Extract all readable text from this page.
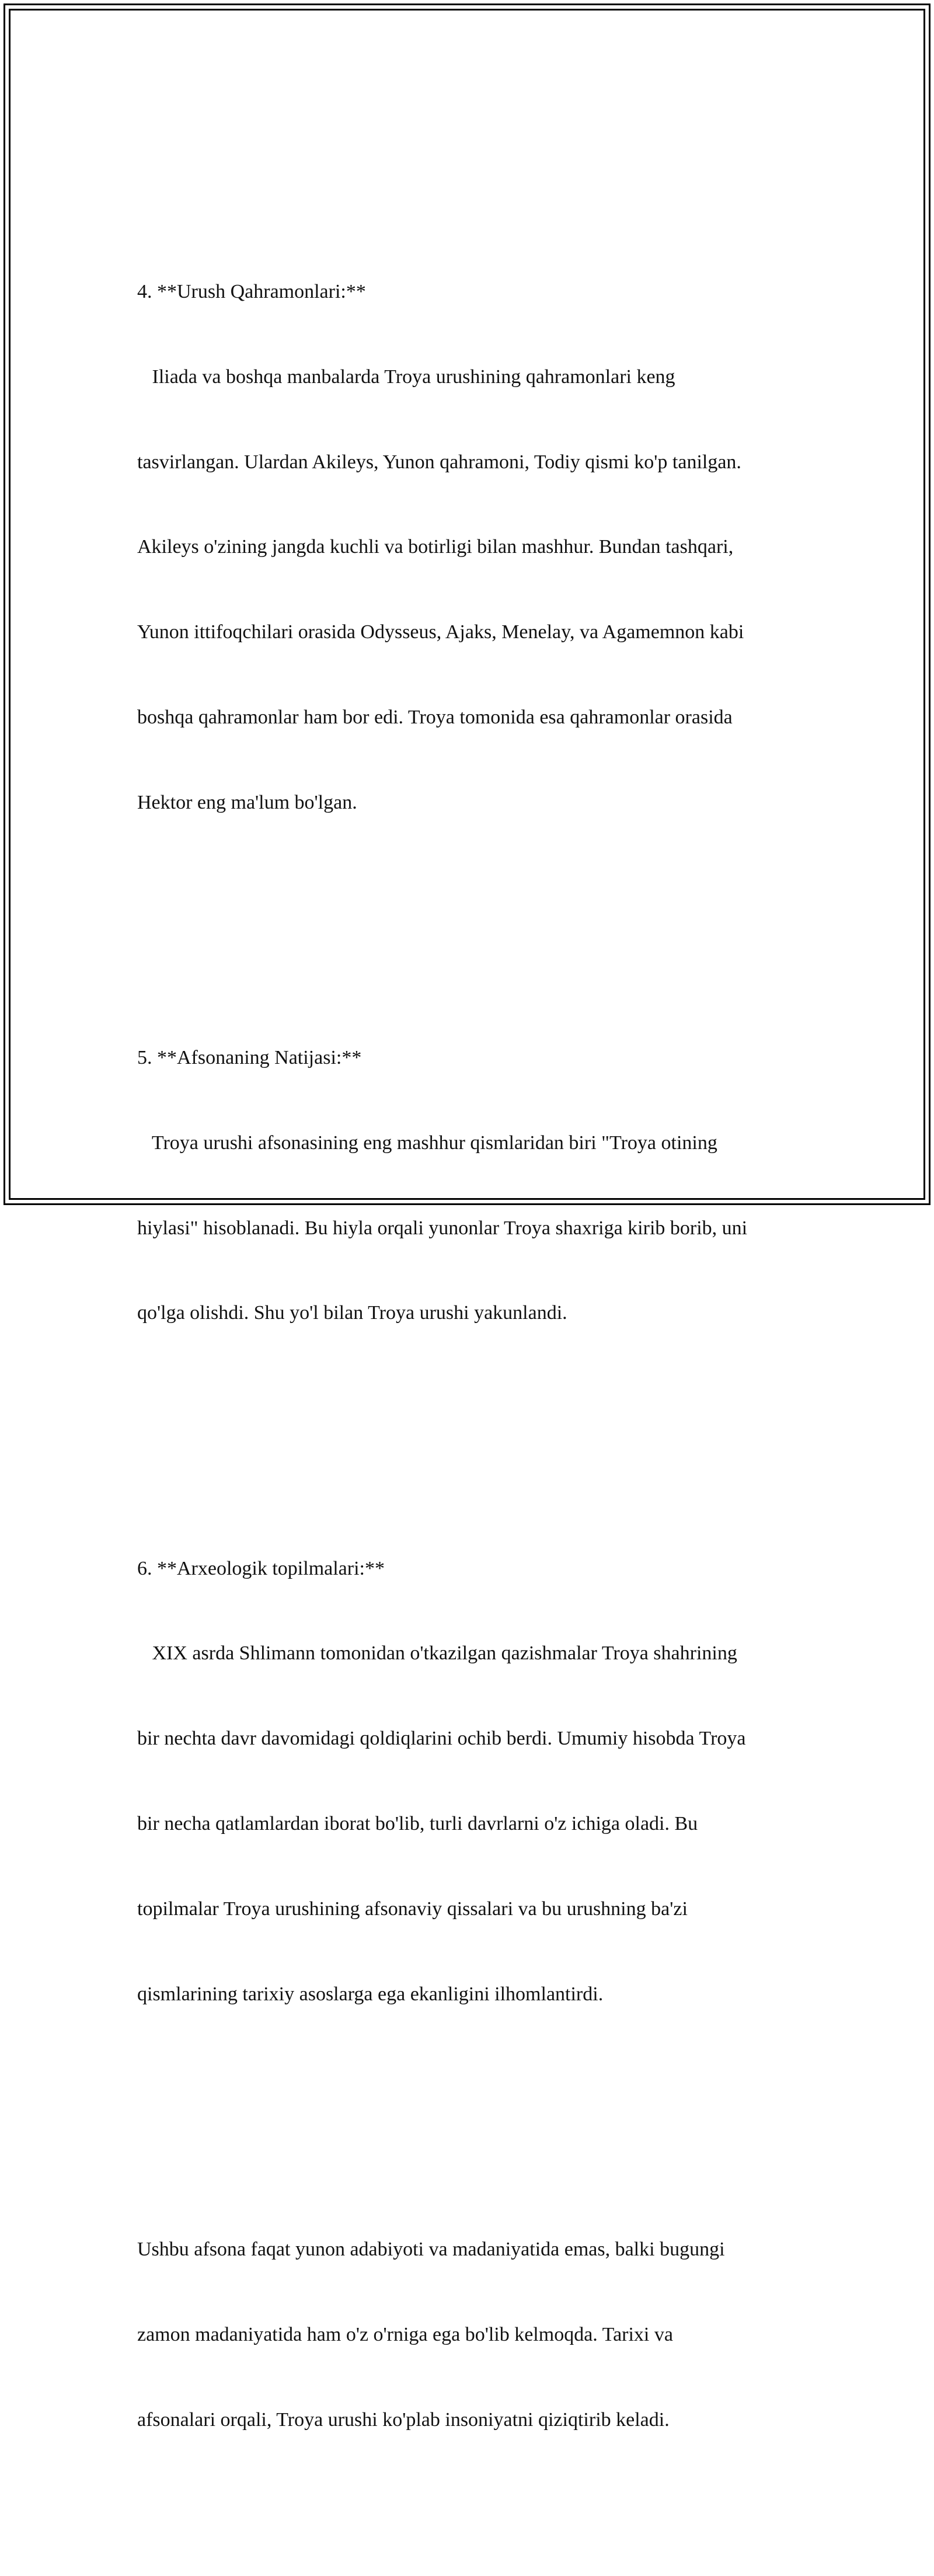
4. **Urush Qahramonlari:**

Iliada va boshqa manbalarda Troya urushining qahramonlari keng

tasvirlangan. Ulardan Akileys, Yunon qahramoni, Todiy qismi ko'p tanilgan.

Akileys o'zining jangda kuchli va botirligi bilan mashhur. Bundan tashqari,

Yunon ittifoqchilari orasida Odysseus, Ajaks, Menelay, va Agamemnon kabi

boshqa qahramonlar ham bor edi. Troya tomonida esa qahramonlar orasida

Hektor eng ma'lum bo'lgan.

5. **Afsonaning Natijasi:**

Troya urushi afsonasining eng mashhur qismlaridan biri "Troya otining

hiylasi" hisoblanadi. Bu hiyla orqali yunonlar Troya shaxriga kirib borib, uni

qo'lga olishdi. Shu yo'l bilan Troya urushi yakunlandi.

6. **Arxeologik topilmalari:**

XIX asrda Shlimann tomonidan o'tkazilgan qazishmalar Troya shahrining

bir nechta davr davomidagi qoldiqlarini ochib berdi. Umumiy hisobda Troya

bir necha qatlamlardan iborat bo'lib, turli davrlarni o'z ichiga oladi. Bu

topilmalar Troya urushining afsonaviy qissalari va bu urushning ba'zi

qismlarining tarixiy asoslarga ega ekanligini ilhomlantirdi.

Ushbu afsona faqat yunon adabiyoti va madaniyatida emas, balki bugungi

zamon madaniyatida ham o'z o'rniga ega bo'lib kelmoqda. Tarixi va

afsonalari orqali, Troya urushi ko'plab insoniyatni qiziqtirib keladi.
